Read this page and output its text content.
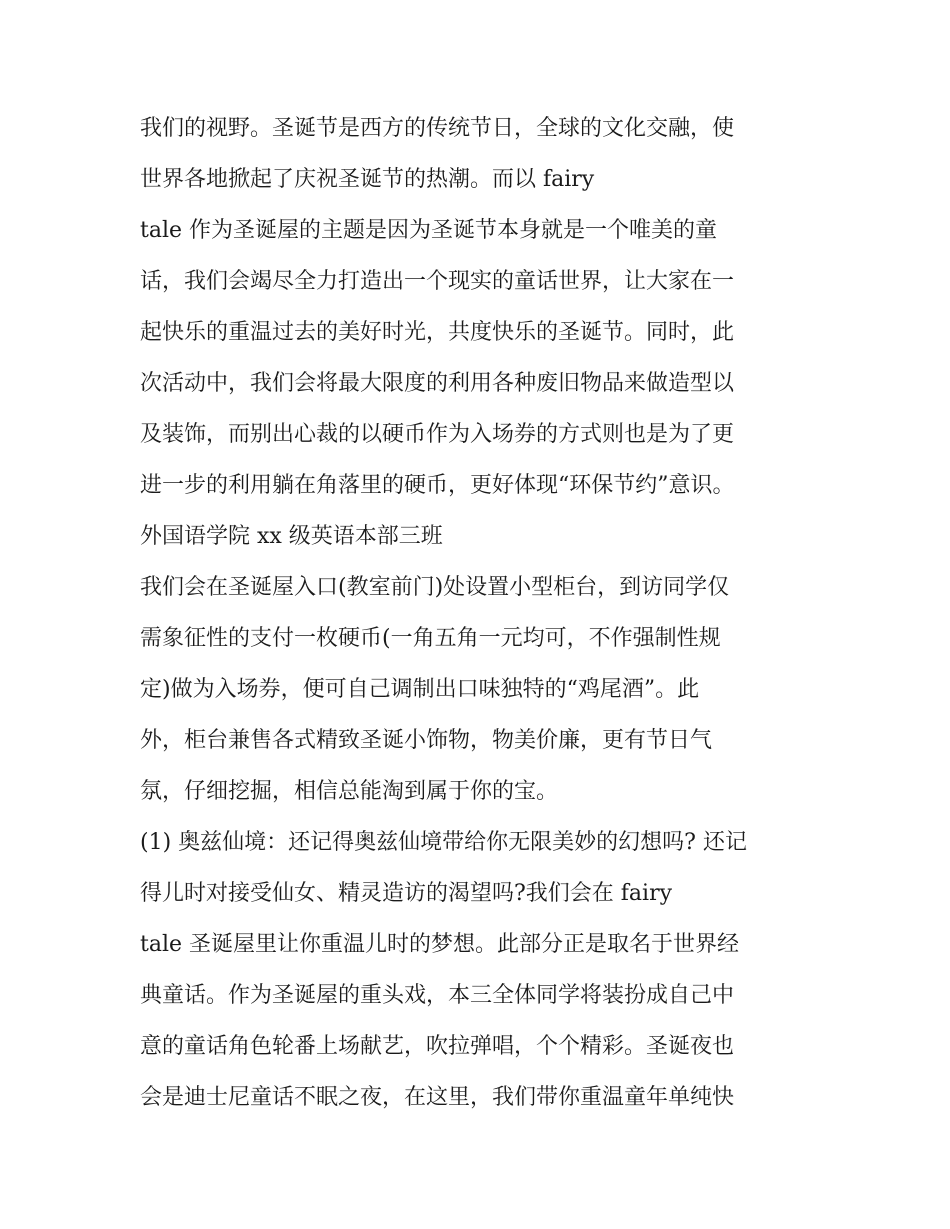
我们的视野。圣诞节是西方的传统节日，全球的文化交融，使
世界各地掀起了庆祝圣诞节的热潮。而以 fairy
tale 作为圣诞屋的主题是因为圣诞节本身就是一个唯美的童
话，我们会竭尽全力打造出一个现实的童话世界，让大家在一
起快乐的重温过去的美好时光，共度快乐的圣诞节。同时，此
次活动中，我们会将最大限度的利用各种废旧物品来做造型以
及装饰，而别出心裁的以硬币作为入场券的方式则也是为了更
进一步的利用躺在角落里的硬币，更好体现“环保节约”意识。
外国语学院 xx 级英语本部三班
我们会在圣诞屋入口(教室前门)处设置小型柜台，到访同学仅
需象征性的支付一枚硬币(一角五角一元均可，不作强制性规
定)做为入场券，便可自己调制出口味独特的“鸡尾酒”。此
外，柜台兼售各式精致圣诞小饰物，物美价廉，更有节日气
氛，仔细挖掘，相信总能淘到属于你的宝。
(1) 奥兹仙境：还记得奥兹仙境带给你无限美妙的幻想吗? 还记
得儿时对接受仙女、精灵造访的渴望吗?我们会在 fairy
tale 圣诞屋里让你重温儿时的梦想。此部分正是取名于世界经
典童话。作为圣诞屋的重头戏，本三全体同学将装扮成自己中
意的童话角色轮番上场献艺，吹拉弹唱，个个精彩。圣诞夜也
会是迪士尼童话不眠之夜，在这里，我们带你重温童年单纯快
